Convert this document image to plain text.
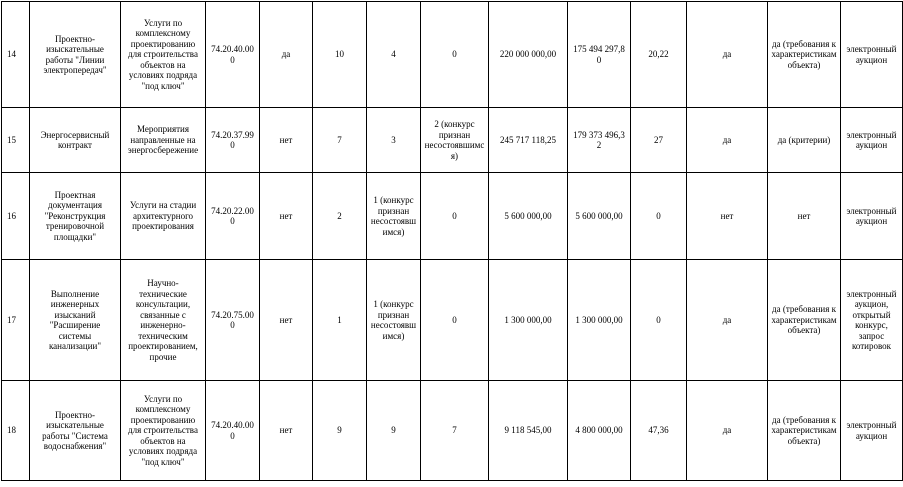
14	Проектно-изыскательные работы "Линии электропередач"	Услуги по комплексному проектированию для строительства объектов на условиях подряда "под ключ"	74.20.40.000	да	10	4	0	220 000 000,00	175 494 297,80	20,22	да	да (требования к характеристикам объекта)	электронный аукцион
15	Энергосервисный контракт	Мероприятия направленные на энергосбережение	74.20.37.990	нет	7	3	2 (конкурс признан несостоявшимся)	245 717 118,25	179 373 496,32	27	да	да (критерии)	электронный аукцион
16	Проектная документация "Реконструкция тренировочной площадки"	Услуги на стадии архитектурного проектирования	74.20.22.000	нет	2	1 (конкурс признан несостоявшимся)	0	5 600 000,00	5 600 000,00	0	нет	нет	электронный аукцион
17	Выполнение инженерных изысканий "Расширение системы канализации"	Научно-технические консультации, связанные с инженерно-техническим проектированием, прочие	74.20.75.000	нет	1	1 (конкурс признан несостоявшимся)	0	1 300 000,00	1 300 000,00	0	да	да (требования к характеристикам объекта)	электронный аукцион, открытый конкурс, запрос котировок
18	Проектно-изыскательные работы "Система водоснабжения"	Услуги по комплексному проектированию для строительства объектов на условиях подряда "под ключ"	74.20.40.000	нет	9	9	7	9 118 545,00	4 800 000,00	47,36	да	да (требования к характеристикам объекта)	электронный аукцион
